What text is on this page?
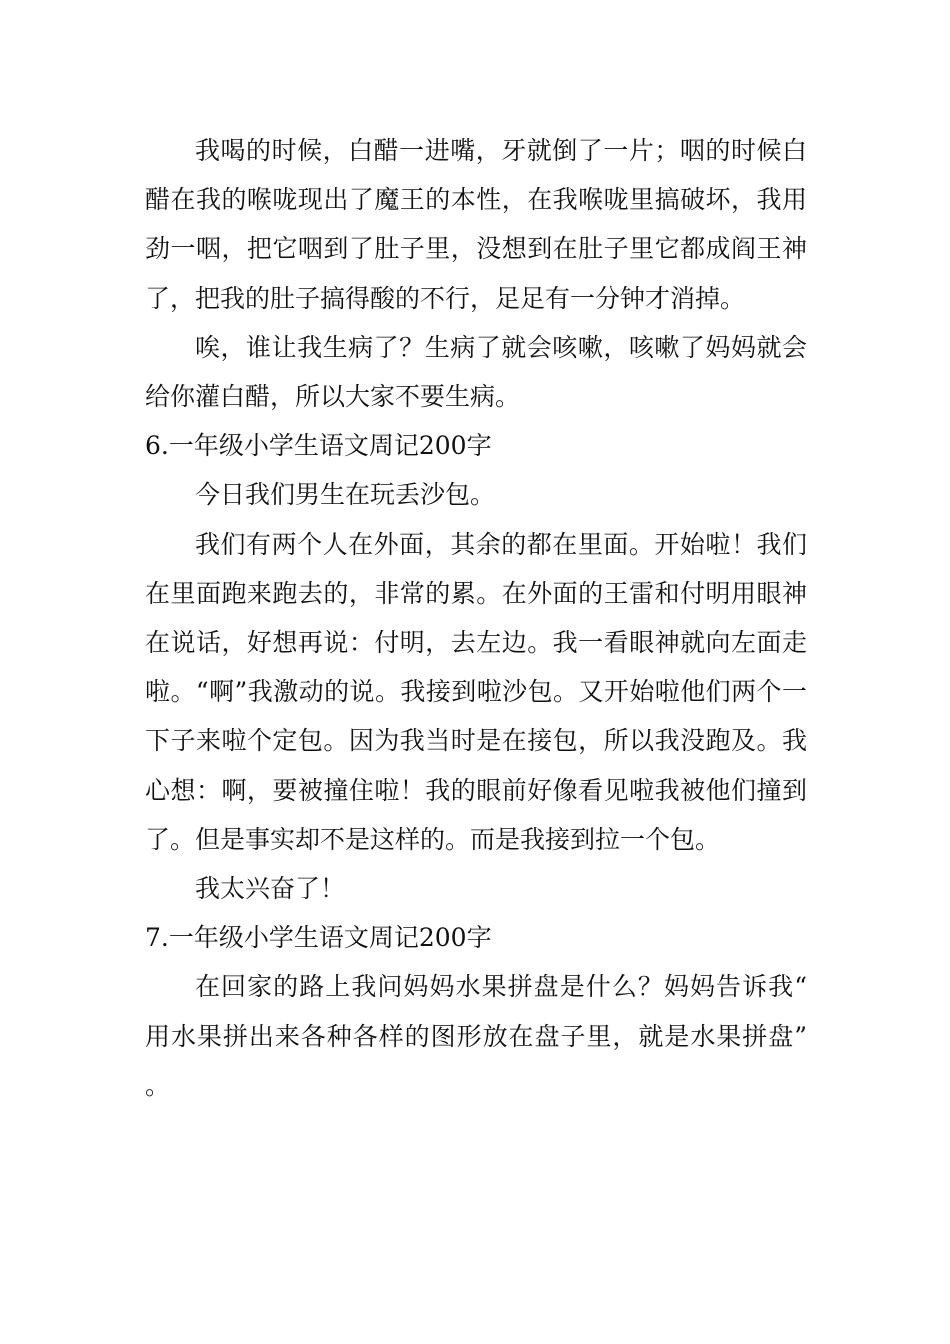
我喝的时候，白醋一进嘴，牙就倒了一片；咽的时候白醋在我的喉咙现出了魔王的本性，在我喉咙里搞破坏，我用劲一咽，把它咽到了肚子里，没想到在肚子里它都成阎王神了，把我的肚子搞得酸的不行，足足有一分钟才消掉。

唉，谁让我生病了？生病了就会咳嗽，咳嗽了妈妈就会给你灌白醋，所以大家不要生病。

6.一年级小学生语文周记200字

今日我们男生在玩丢沙包。

我们有两个人在外面，其余的都在里面。开始啦！我们在里面跑来跑去的，非常的累。在外面的王雷和付明用眼神在说话，好想再说：付明，去左边。我一看眼神就向左面走啦。“啊”我激动的说。我接到啦沙包。又开始啦他们两个一下子来啦个定包。因为我当时是在接包，所以我没跑及。我心想：啊，要被撞住啦！我的眼前好像看见啦我被他们撞到了。但是事实却不是这样的。而是我接到拉一个包。

我太兴奋了！

7.一年级小学生语文周记200字

在回家的路上我问妈妈水果拼盘是什么？妈妈告诉我“用水果拼出来各种各样的图形放在盘子里，就是水果拼盘”。
